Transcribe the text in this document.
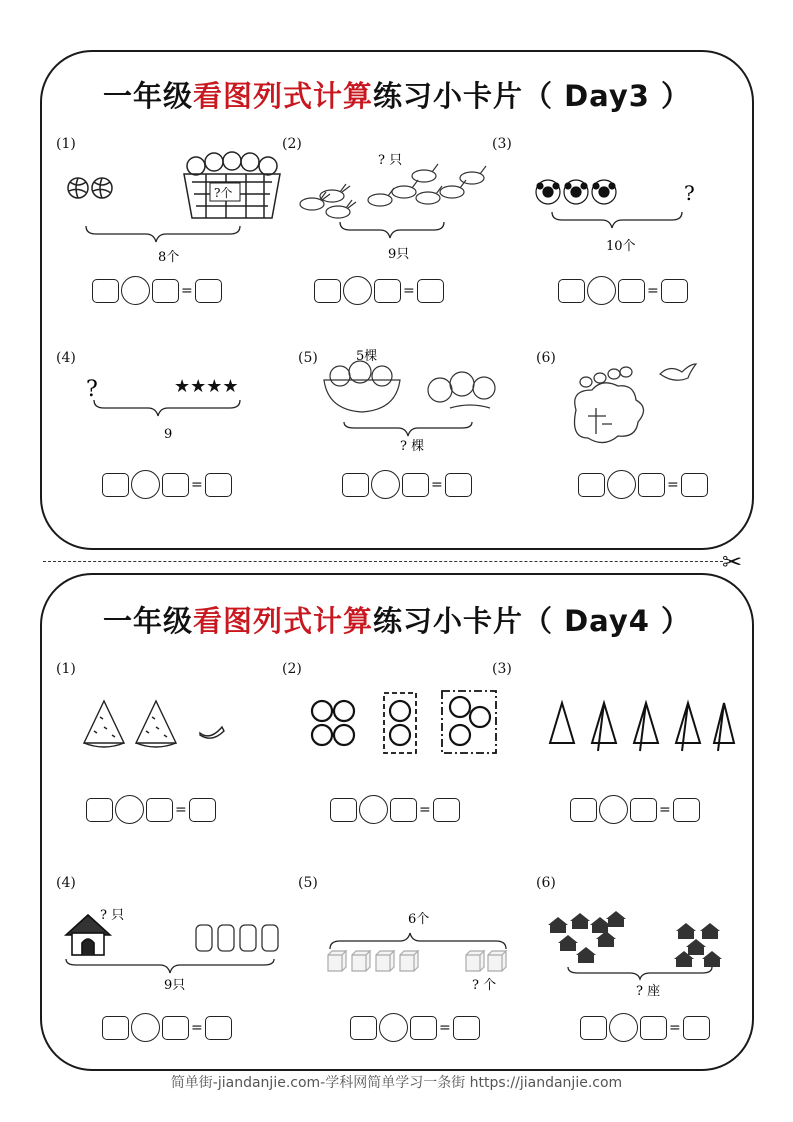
一年级看图列式计算练习小卡片（ Day3 ）
(1)
?个
8个
=
(2)
? 只
9只
=
(3)
?
10个
=
(4)
?	★★★★
9
=
(5)	5棵
? 棵
=
(6)
=
✂
一年级看图列式计算练习小卡片（ Day4 ）
(1)
=
(2)
=
(3)
=
(4)
? 只
9只
=
(5)
6个
? 个
=
(6)
? 座
=
简单街-jiandanjie.com-学科网简单学习一条街 https://jiandanjie.com
